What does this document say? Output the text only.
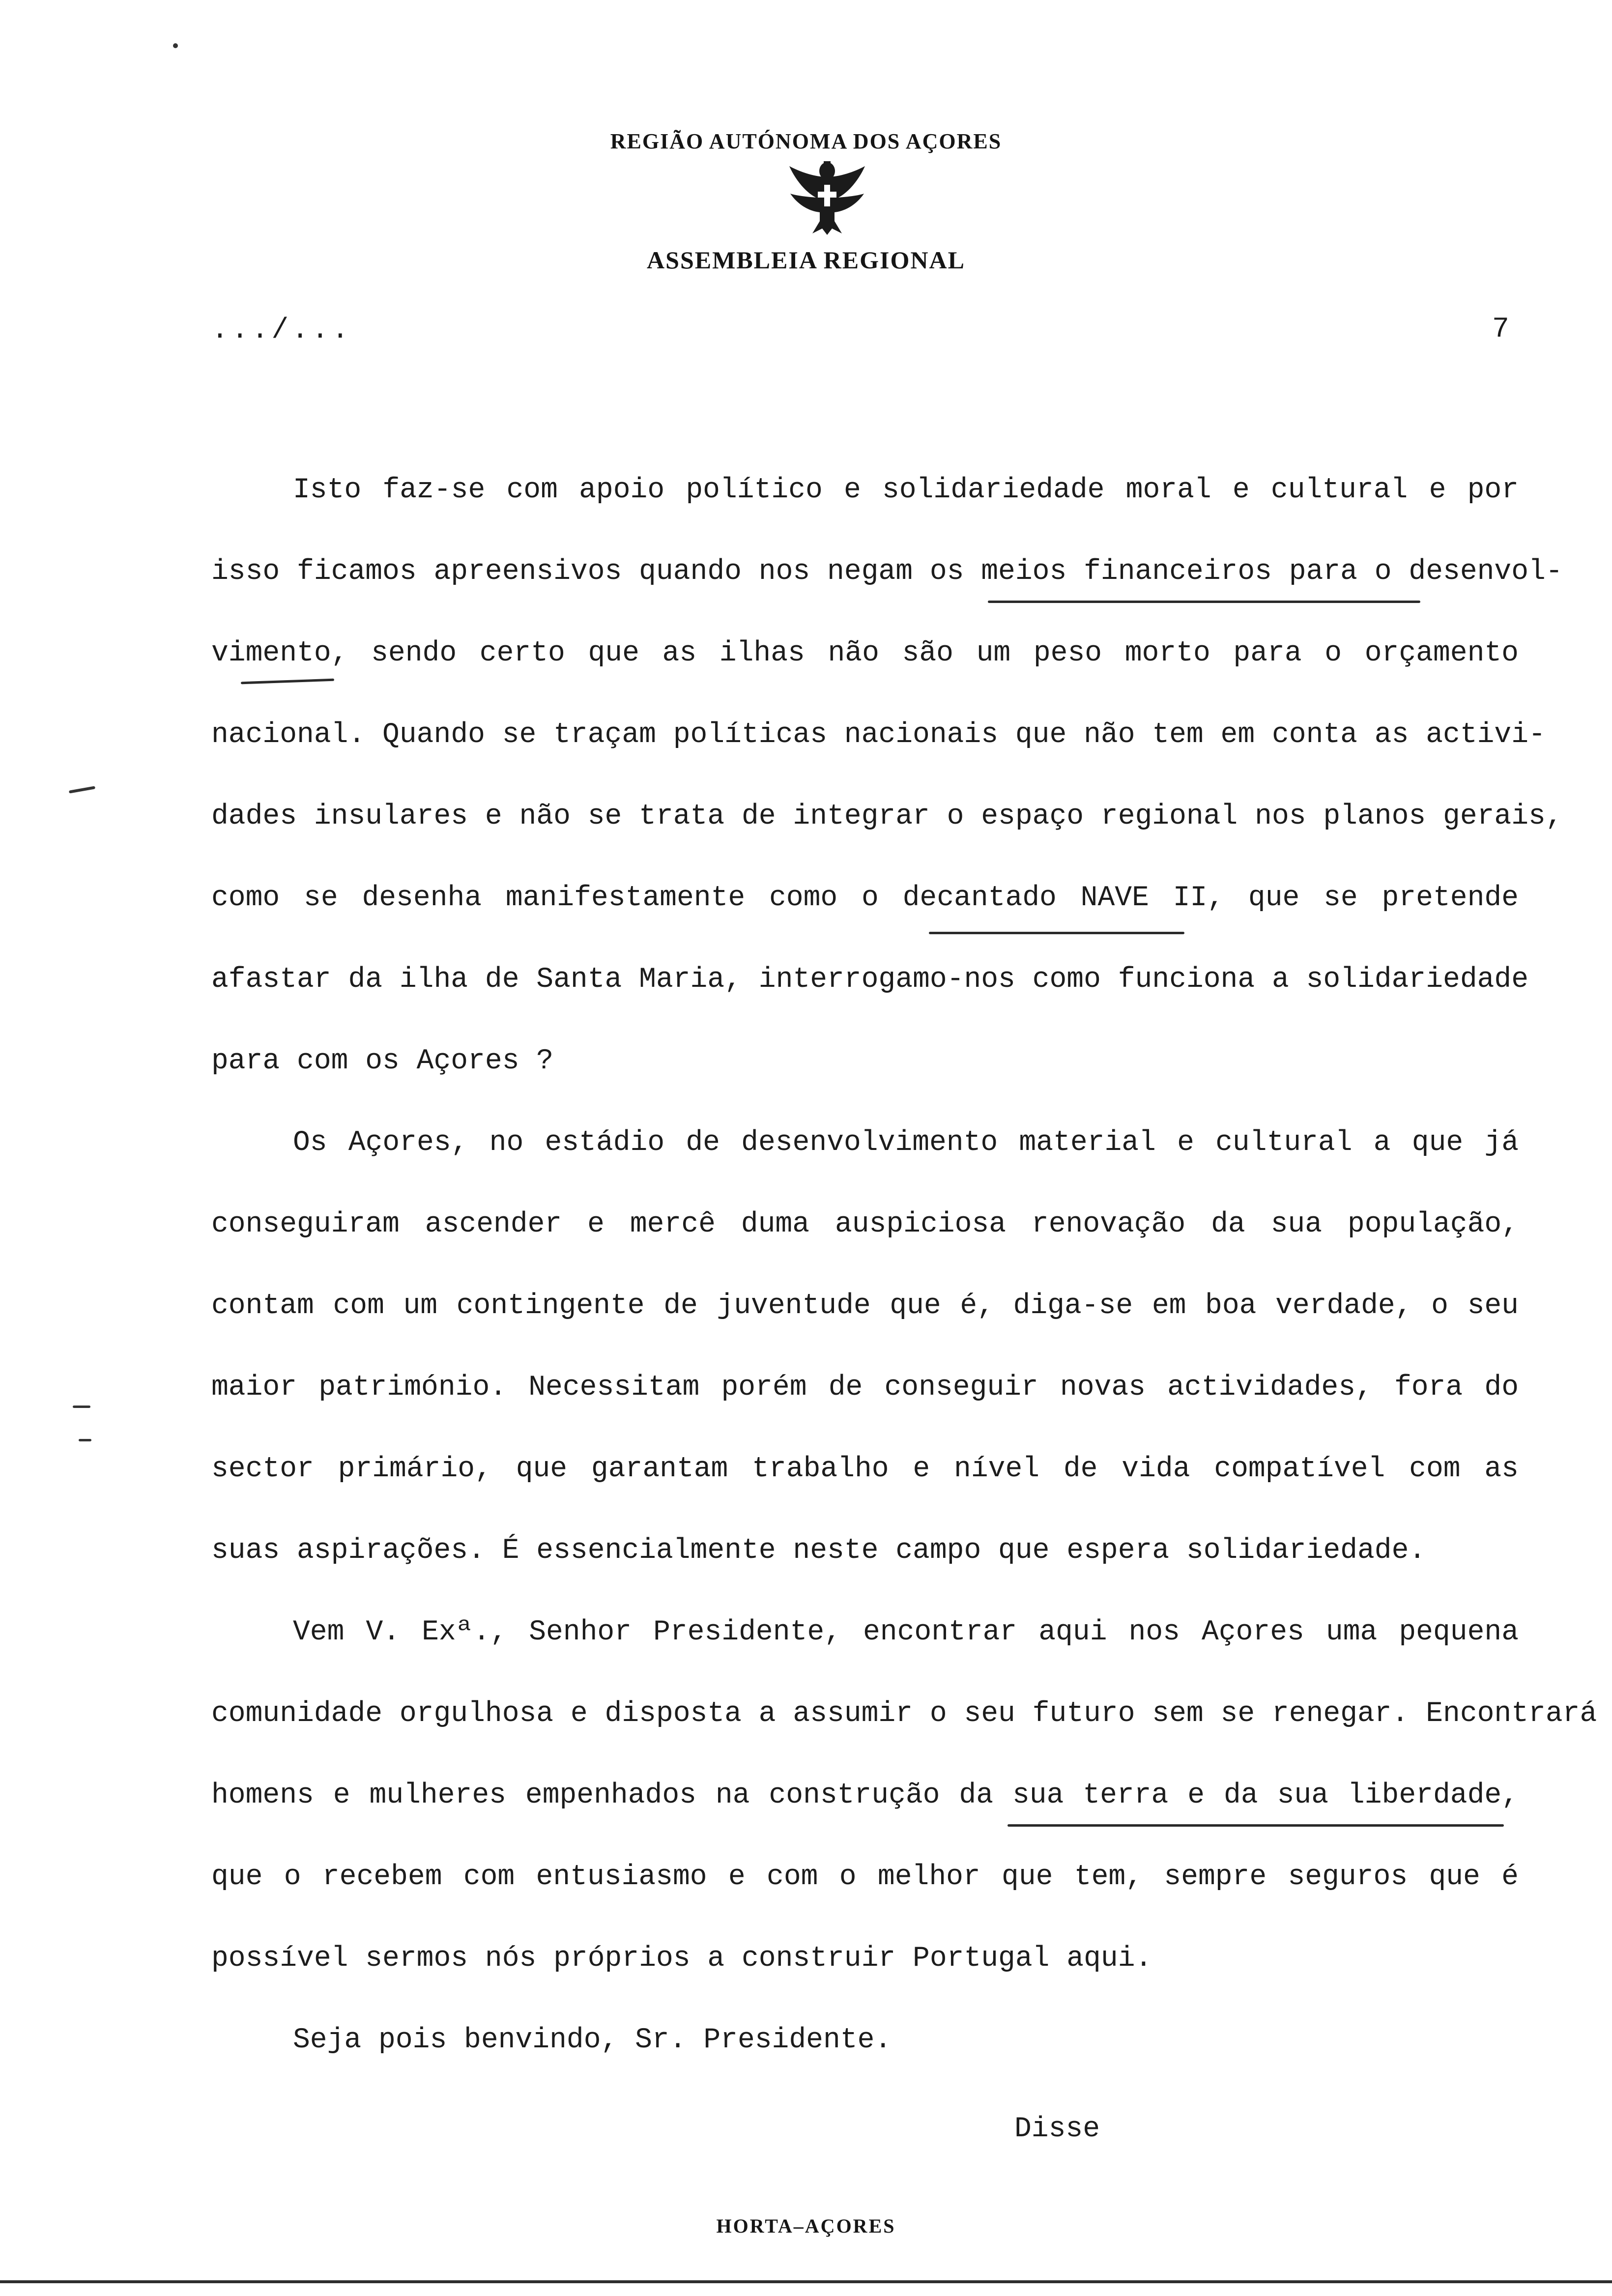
REGIÃO AUTÓNOMA DOS AÇORES
ASSEMBLEIA REGIONAL
.../...	7
Isto faz-se com apoio político e solidariedade moral e cultural e por
isso ficamos apreensivos quando nos negam os meios financeiros para o desenvol-
vimento, sendo certo que as ilhas não são um peso morto para o orçamento
nacional. Quando se traçam políticas nacionais que não tem em conta as activi-
dades insulares e não se trata de integrar o espaço regional nos planos gerais,
como se desenha manifestamente como o decantado NAVE II, que se pretende
afastar da ilha de Santa Maria, interrogamo-nos como funciona a solidariedade
para com os Açores ?
Os Açores, no estádio de desenvolvimento material e cultural a que já
conseguiram ascender e mercê duma auspiciosa renovação da sua população,
contam com um contingente de juventude que é, diga-se em boa verdade, o seu
maior património. Necessitam porém de conseguir novas actividades, fora do
sector primário, que garantam trabalho e nível de vida compatível com as
suas aspirações. É essencialmente neste campo que espera solidariedade.
Vem V. Exª., Senhor Presidente, encontrar aqui nos Açores uma pequena
comunidade orgulhosa e disposta a assumir o seu futuro sem se renegar. Encontrará
homens e mulheres empenhados na construção da sua terra e da sua liberdade,
que o recebem com entusiasmo e com o melhor que tem, sempre seguros que é
possível sermos nós próprios a construir Portugal aqui.
Seja pois benvindo, Sr. Presidente.
Disse
HORTA–AÇORES
